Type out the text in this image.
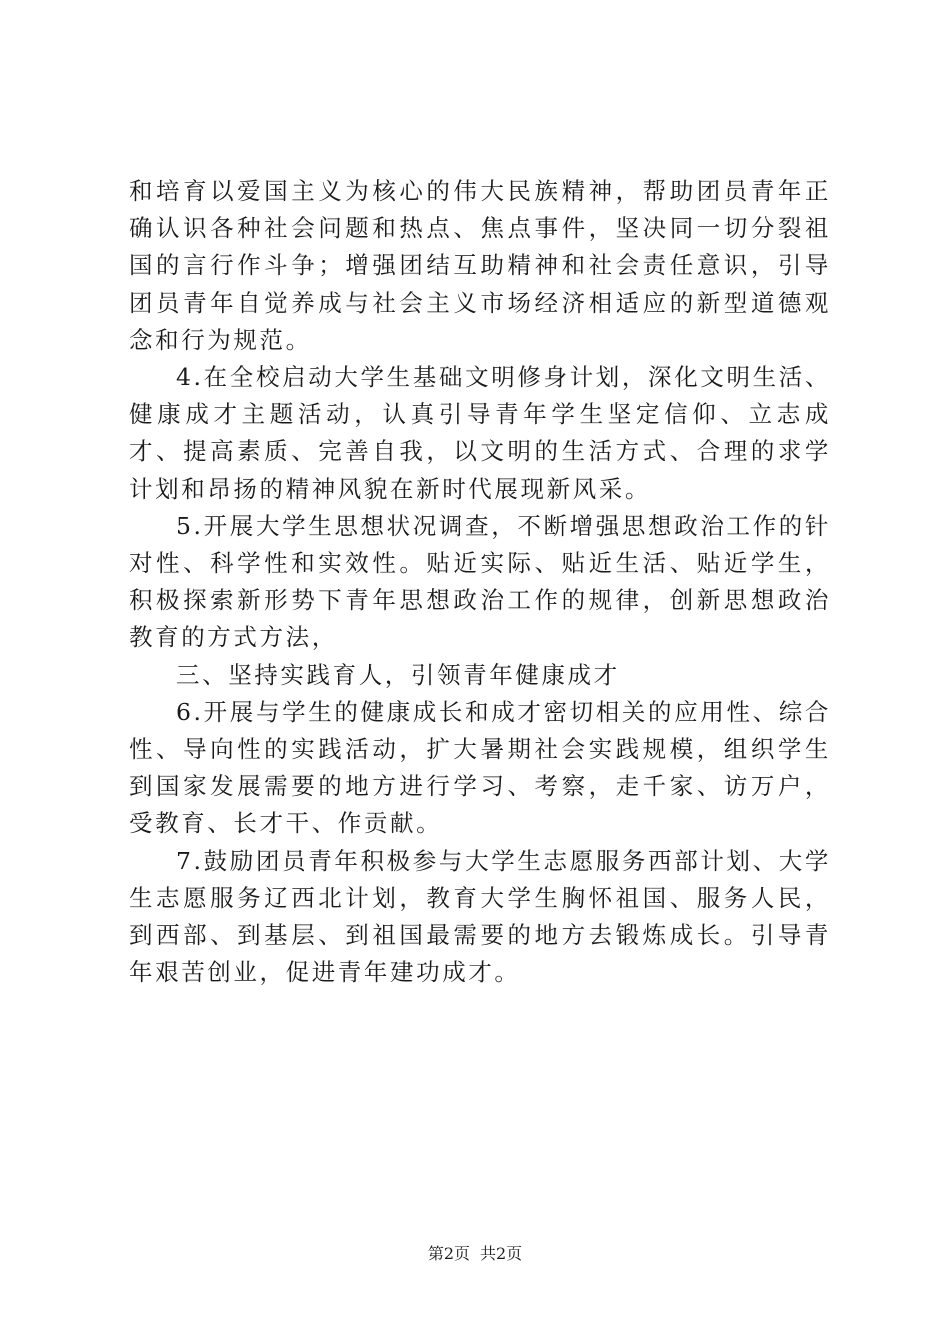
和培育以爱国主义为核心的伟大民族精神，帮助团员青年正确认识各种社会问题和热点、焦点事件，坚决同一切分裂祖国的言行作斗争；增强团结互助精神和社会责任意识，引导团员青年自觉养成与社会主义市场经济相适应的新型道德观念和行为规范。

4.在全校启动大学生基础文明修身计划，深化文明生活、健康成才主题活动，认真引导青年学生坚定信仰、立志成才、提高素质、完善自我，以文明的生活方式、合理的求学计划和昂扬的精神风貌在新时代展现新风采。

5.开展大学生思想状况调查，不断增强思想政治工作的针对性、科学性和实效性。贴近实际、贴近生活、贴近学生，积极探索新形势下青年思想政治工作的规律，创新思想政治教育的方式方法，

三、坚持实践育人，引领青年健康成才

6.开展与学生的健康成长和成才密切相关的应用性、综合性、导向性的实践活动，扩大暑期社会实践规模，组织学生到国家发展需要的地方进行学习、考察，走千家、访万户，受教育、长才干、作贡献。

7.鼓励团员青年积极参与大学生志愿服务西部计划、大学生志愿服务辽西北计划，教育大学生胸怀祖国、服务人民，到西部、到基层、到祖国最需要的地方去锻炼成长。引导青年艰苦创业，促进青年建功成才。

第2页 共2页
